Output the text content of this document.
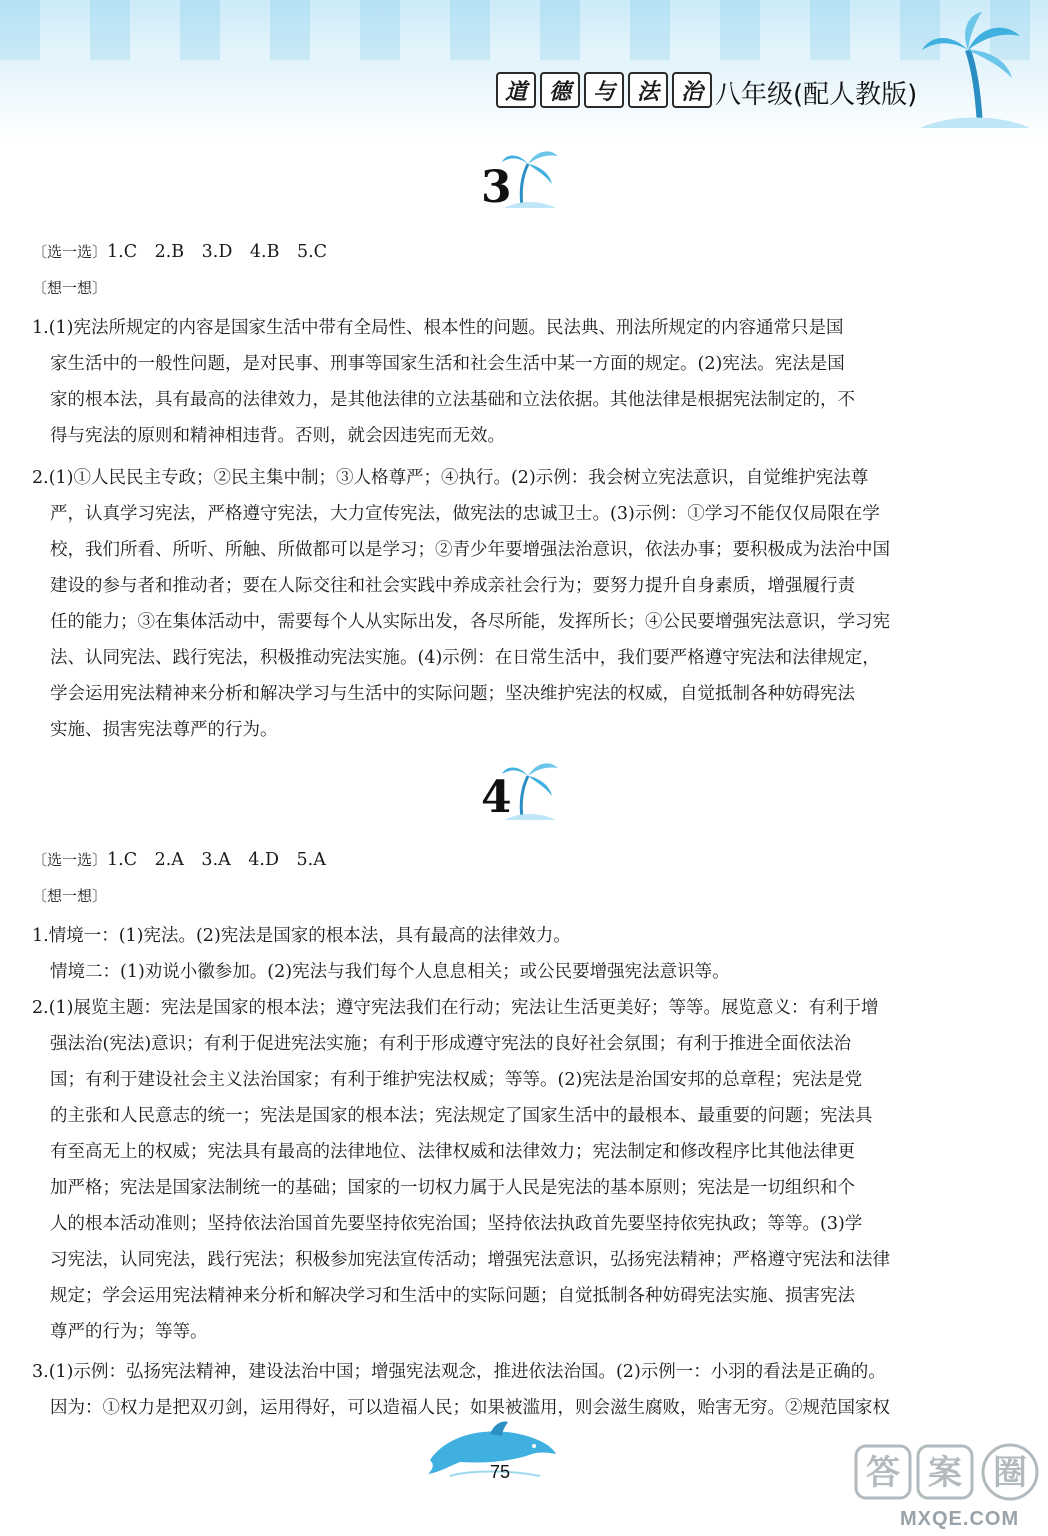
道 德 与 法 治 八年级(配人教版)
3

〔选一选〕1.C　2.B　3.D　4.B　5.C

〔想一想〕

1.(1)宪法所规定的内容是国家生活中带有全局性、根本性的问题。民法典、刑法所规定的内容通常只是国
家生活中的一般性问题，是对民事、刑事等国家生活和社会生活中某一方面的规定。(2)宪法。宪法是国
家的根本法，具有最高的法律效力，是其他法律的立法基础和立法依据。其他法律是根据宪法制定的，不
得与宪法的原则和精神相违背。否则，就会因违宪而无效。
2.(1)①人民民主专政；②民主集中制；③人格尊严；④执行。(2)示例：我会树立宪法意识，自觉维护宪法尊
严，认真学习宪法，严格遵守宪法，大力宣传宪法，做宪法的忠诚卫士。(3)示例：①学习不能仅仅局限在学
校，我们所看、所听、所触、所做都可以是学习；②青少年要增强法治意识，依法办事；要积极成为法治中国
建设的参与者和推动者；要在人际交往和社会实践中养成亲社会行为；要努力提升自身素质，增强履行责
任的能力；③在集体活动中，需要每个人从实际出发，各尽所能，发挥所长；④公民要增强宪法意识，学习宪
法、认同宪法、践行宪法，积极推动宪法实施。(4)示例：在日常生活中，我们要严格遵守宪法和法律规定，
学会运用宪法精神来分析和解决学习与生活中的实际问题；坚决维护宪法的权威，自觉抵制各种妨碍宪法
实施、损害宪法尊严的行为。
4

〔选一选〕1.C　2.A　3.A　4.D　5.A

〔想一想〕

1.情境一：(1)宪法。(2)宪法是国家的根本法，具有最高的法律效力。
情境二：(1)劝说小徽参加。(2)宪法与我们每个人息息相关；或公民要增强宪法意识等。
2.(1)展览主题：宪法是国家的根本法；遵守宪法我们在行动；宪法让生活更美好；等等。展览意义：有利于增
强法治(宪法)意识；有利于促进宪法实施；有利于形成遵守宪法的良好社会氛围；有利于推进全面依法治
国；有利于建设社会主义法治国家；有利于维护宪法权威；等等。(2)宪法是治国安邦的总章程；宪法是党
的主张和人民意志的统一；宪法是国家的根本法；宪法规定了国家生活中的最根本、最重要的问题；宪法具
有至高无上的权威；宪法具有最高的法律地位、法律权威和法律效力；宪法制定和修改程序比其他法律更
加严格；宪法是国家法制统一的基础；国家的一切权力属于人民是宪法的基本原则；宪法是一切组织和个
人的根本活动准则；坚持依法治国首先要坚持依宪治国；坚持依法执政首先要坚持依宪执政；等等。(3)学
习宪法，认同宪法，践行宪法；积极参加宪法宣传活动；增强宪法意识，弘扬宪法精神；严格遵守宪法和法律
规定；学会运用宪法精神来分析和解决学习和生活中的实际问题；自觉抵制各种妨碍宪法实施、损害宪法
尊严的行为；等等。
3.(1)示例：弘扬宪法精神，建设法治中国；增强宪法观念，推进依法治国。(2)示例一：小羽的看法是正确的。
因为：①权力是把双刃剑，运用得好，可以造福人民；如果被滥用，则会滋生腐败，贻害无穷。②规范国家权
75	答 案 圈
MXQE.COM
